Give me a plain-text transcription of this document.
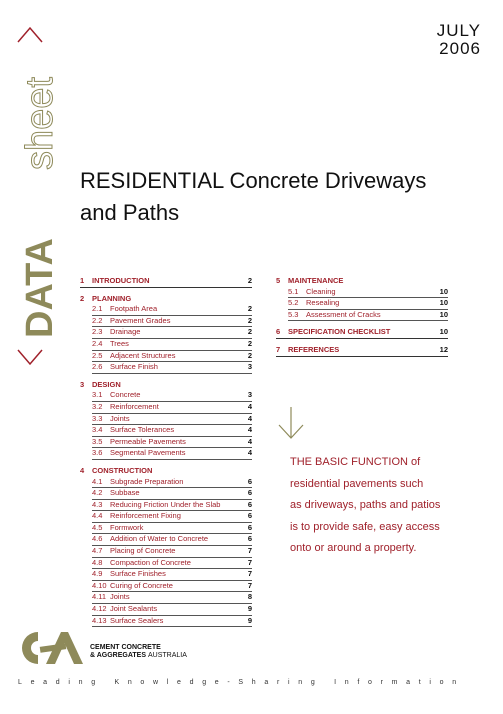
JULY
2006
sheet
DATA
RESIDENTIAL Concrete Driveways
and Paths
1 INTRODUCTION	2
2 PLANNING
2.1 Footpath Area	2
2.2 Pavement Grades	2
2.3 Drainage	2
2.4 Trees	2
2.5 Adjacent Structures	2
2.6 Surface Finish	3
3 DESIGN
3.1 Concrete	3
3.2 Reinforcement	4
3.3 Joints	4
3.4 Surface Tolerances	4
3.5 Permeable Pavements	4
3.6 Segmental Pavements	4
4 CONSTRUCTION
4.1 Subgrade Preparation	6
4.2 Subbase	6
4.3 Reducing Friction Under the Slab	6
4.4 Reinforcement Fixing	6
4.5 Formwork	6
4.6 Addition of Water to Concrete	6
4.7 Placing of Concrete	7
4.8 Compaction of Concrete	7
4.9 Surface Finishes	7
4.10 Curing of Concrete	7
4.11 Joints	8
4.12 Joint Sealants	9
4.13 Surface Sealers	9
5 MAINTENANCE
5.1 Cleaning	10
5.2 Resealing	10
5.3 Assessment of Cracks	10
6 SPECIFICATION CHECKLIST	10
7 REFERENCES	12
THE BASIC FUNCTION of
residential pavements such
as driveways, paths and patios
is to provide safe, easy access
onto or around a property.
CEMENT CONCRETE
& AGGREGATES AUSTRALIA
Leading Knowledge-Sharing Information
